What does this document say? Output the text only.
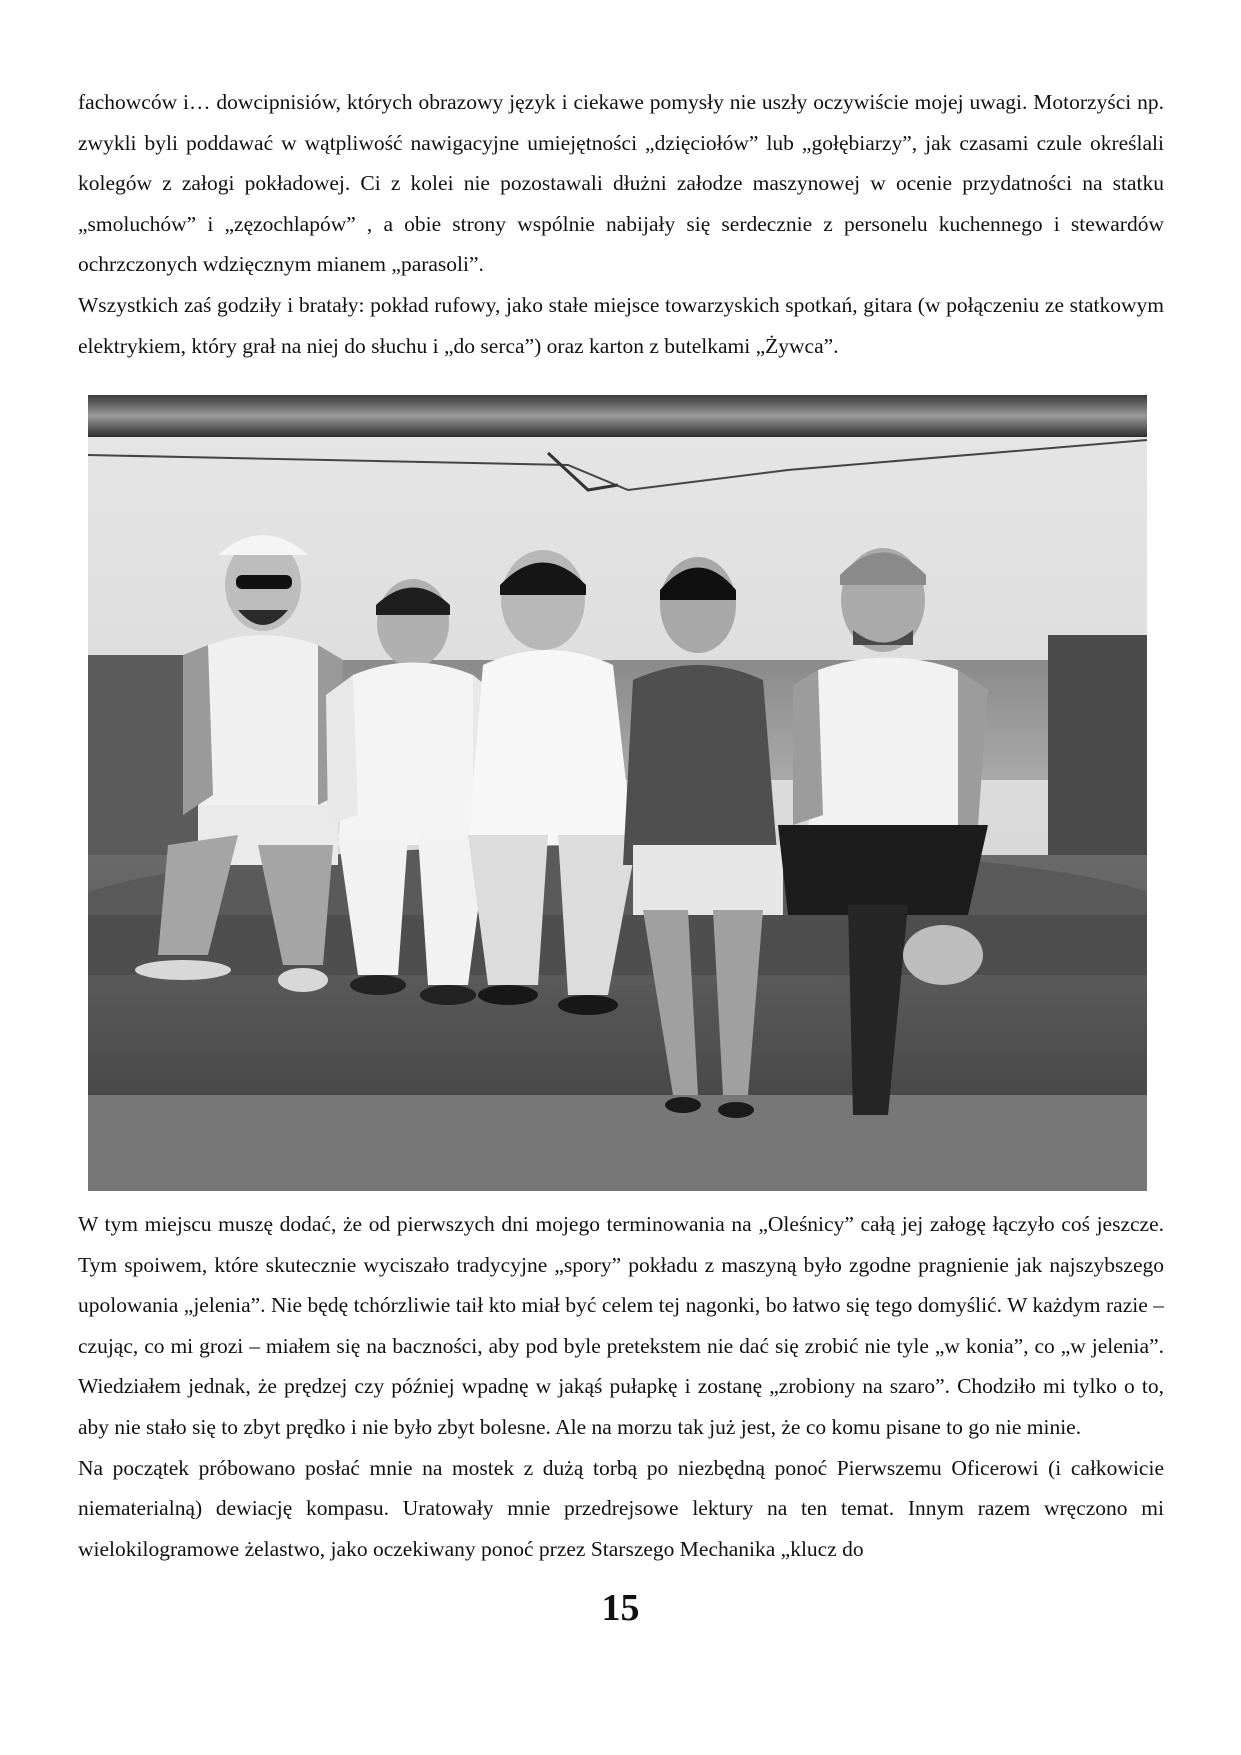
fachowców i… dowcipnisiów, których obrazowy język i ciekawe pomysły nie uszły oczywiście mojej uwagi. Motorzyści np. zwykli byli poddawać w wątpliwość nawigacyjne umiejętności „dzięciołów” lub „gołębiarzy”, jak czasami czule określali kolegów z załogi pokładowej. Ci z kolei nie pozostawali dłużni załodze maszynowej w ocenie przydatności na statku „smoluchów” i „zęzochlapów” , a obie strony wspólnie nabijały się serdecznie z personelu kuchennego i stewardów ochrzczonych wdzięcznym mianem „parasoli”.

Wszystkich zaś godziły i bratały: pokład rufowy, jako stałe miejsce towarzyskich spotkań, gitara (w połączeniu ze statkowym elektrykiem, który grał na niej do słuchu i „do serca”) oraz karton z butelkami „Żywca”.

W tym miejscu muszę dodać, że od pierwszych dni mojego terminowania na „Oleśnicy” całą jej załogę łączyło coś jeszcze. Tym spoiwem, które skutecznie wyciszało tradycyjne „spory” pokładu z maszyną było zgodne pragnienie jak najszybszego upolowania „jelenia”. Nie będę tchórzliwie taił kto miał być celem tej nagonki, bo łatwo się tego domyślić. W każdym razie – czując, co mi grozi – miałem się na baczności, aby pod byle pretekstem nie dać się zrobić nie tyle „w konia”, co „w jelenia”. Wiedziałem jednak, że prędzej czy później wpadnę w jakąś pułapkę i zostanę „zrobiony na szaro”. Chodziło mi tylko o to, aby nie stało się to zbyt prędko i nie było zbyt bolesne. Ale na morzu tak już jest, że co komu pisane to go nie minie.

Na początek próbowano posłać mnie na mostek z dużą torbą po niezbędną ponoć Pierwszemu Oficerowi (i całkowicie niematerialną) dewiację kompasu. Uratowały mnie przedrejsowe lektury na ten temat. Innym razem wręczono mi wielokilogramowe żelastwo, jako oczekiwany ponoć przez Starszego Mechanika „klucz do

15
